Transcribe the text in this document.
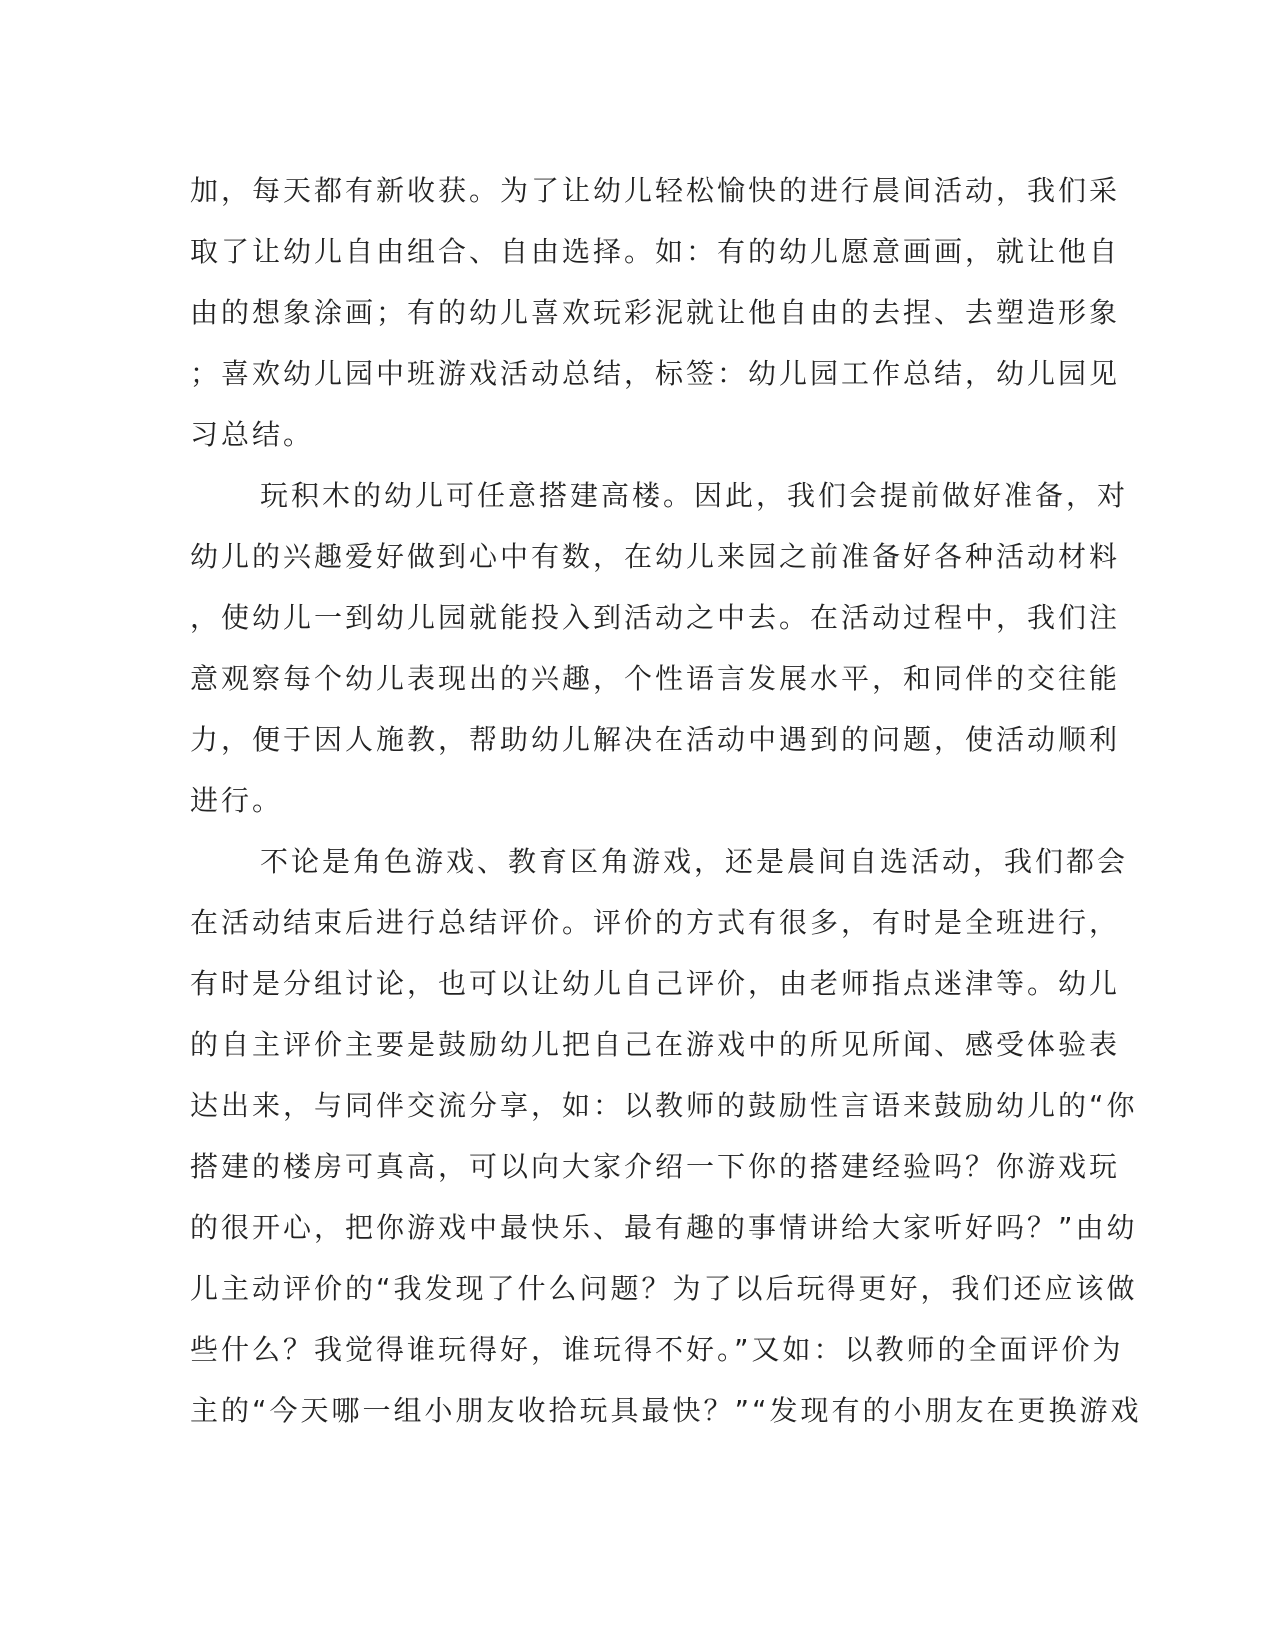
加，每天都有新收获。为了让幼儿轻松愉快的进行晨间活动，我们采
取了让幼儿自由组合、自由选择。如：有的幼儿愿意画画，就让他自
由的想象涂画；有的幼儿喜欢玩彩泥就让他自由的去捏、去塑造形象
；喜欢幼儿园中班游戏活动总结，标签：幼儿园工作总结，幼儿园见
习总结。
玩积木的幼儿可任意搭建高楼。因此，我们会提前做好准备，对
幼儿的兴趣爱好做到心中有数，在幼儿来园之前准备好各种活动材料
，使幼儿一到幼儿园就能投入到活动之中去。在活动过程中，我们注
意观察每个幼儿表现出的兴趣，个性语言发展水平，和同伴的交往能
力，便于因人施教，帮助幼儿解决在活动中遇到的问题，使活动顺利
进行。
不论是角色游戏、教育区角游戏，还是晨间自选活动，我们都会
在活动结束后进行总结评价。评价的方式有很多，有时是全班进行，
有时是分组讨论，也可以让幼儿自己评价，由老师指点迷津等。幼儿
的自主评价主要是鼓励幼儿把自己在游戏中的所见所闻、感受体验表
达出来，与同伴交流分享，如：以教师的鼓励性言语来鼓励幼儿的“你
搭建的楼房可真高，可以向大家介绍一下你的搭建经验吗？你游戏玩
的很开心，把你游戏中最快乐、最有趣的事情讲给大家听好吗？”由幼
儿主动评价的“我发现了什么问题？为了以后玩得更好，我们还应该做
些什么？我觉得谁玩得好，谁玩得不好。”又如：以教师的全面评价为
主的“今天哪一组小朋友收拾玩具最快？”“发现有的小朋友在更换游戏
